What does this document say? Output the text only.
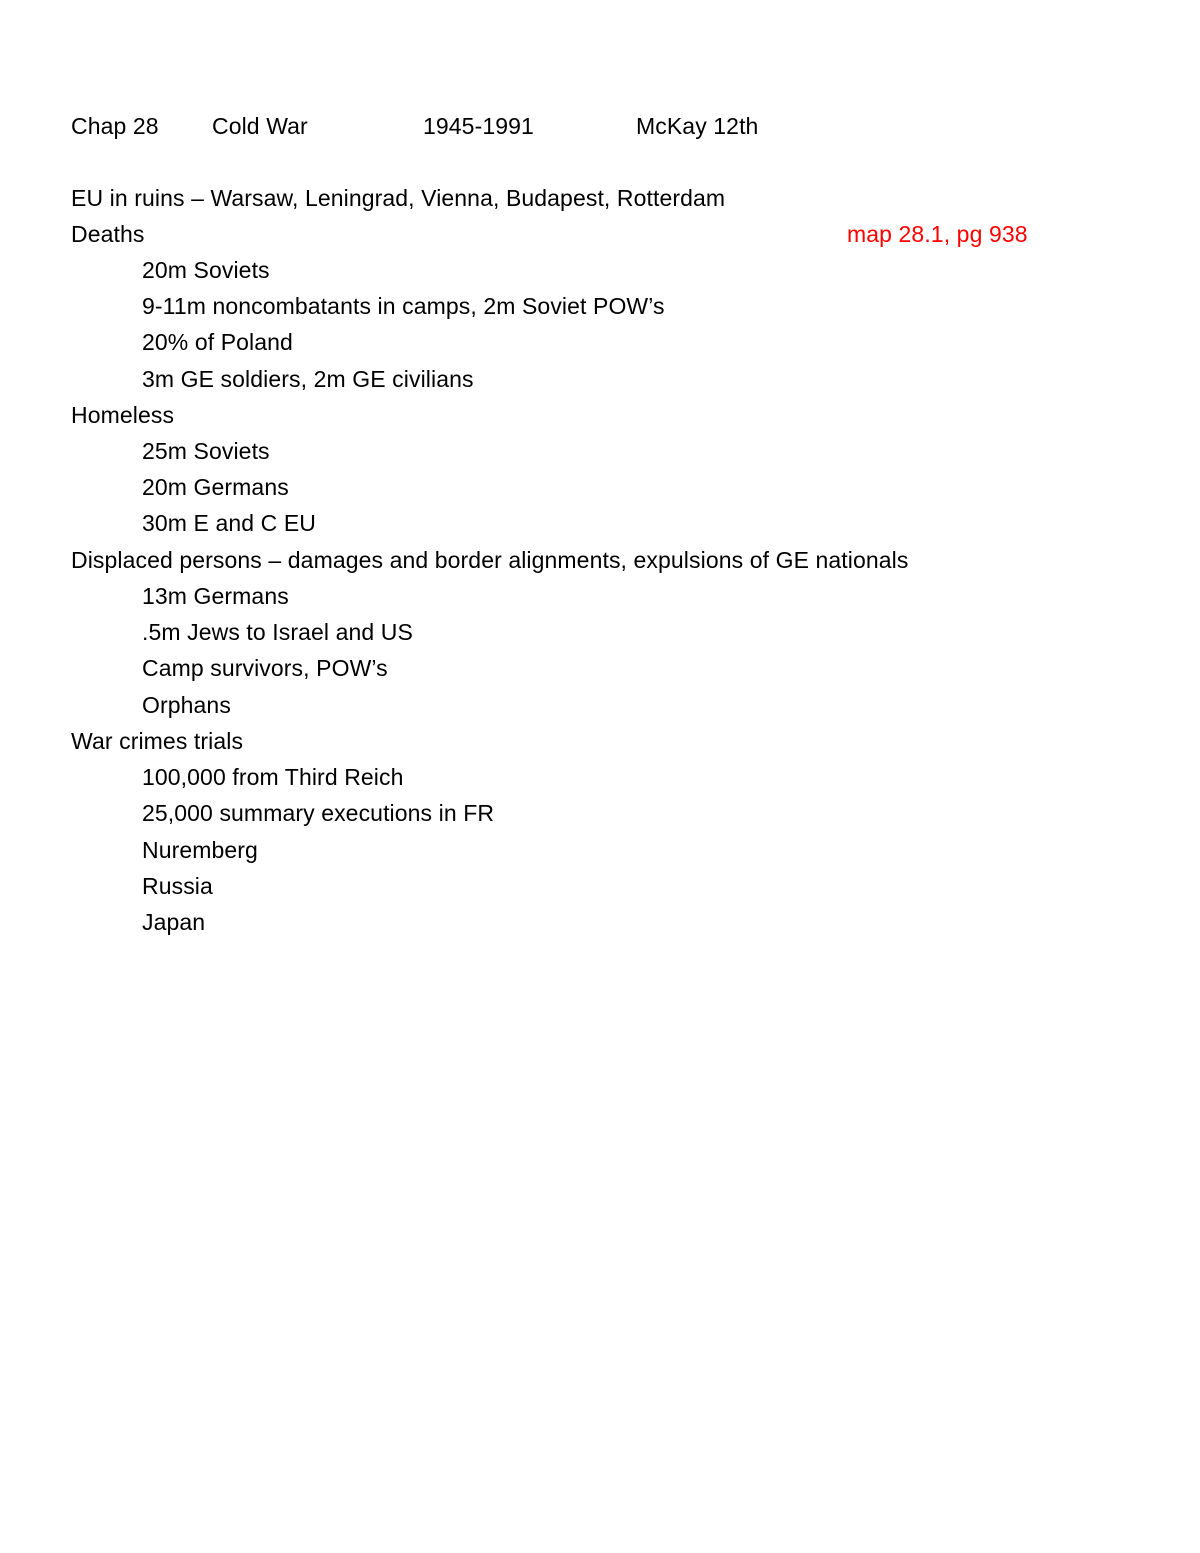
Chap 28 Cold War	1945-1991	McKay 12th
EU in ruins – Warsaw, Leningrad, Vienna, Budapest, Rotterdam
Deaths	map 28.1, pg 938
20m Soviets
9-11m noncombatants in camps, 2m Soviet POW’s
20% of Poland
3m GE soldiers, 2m GE civilians
Homeless
25m Soviets
20m Germans
30m E and C EU
Displaced persons – damages and border alignments, expulsions of GE nationals
13m Germans
.5m Jews to Israel and US
Camp survivors, POW’s
Orphans
War crimes trials
100,000 from Third Reich
25,000 summary executions in FR
Nuremberg
Russia
Japan
